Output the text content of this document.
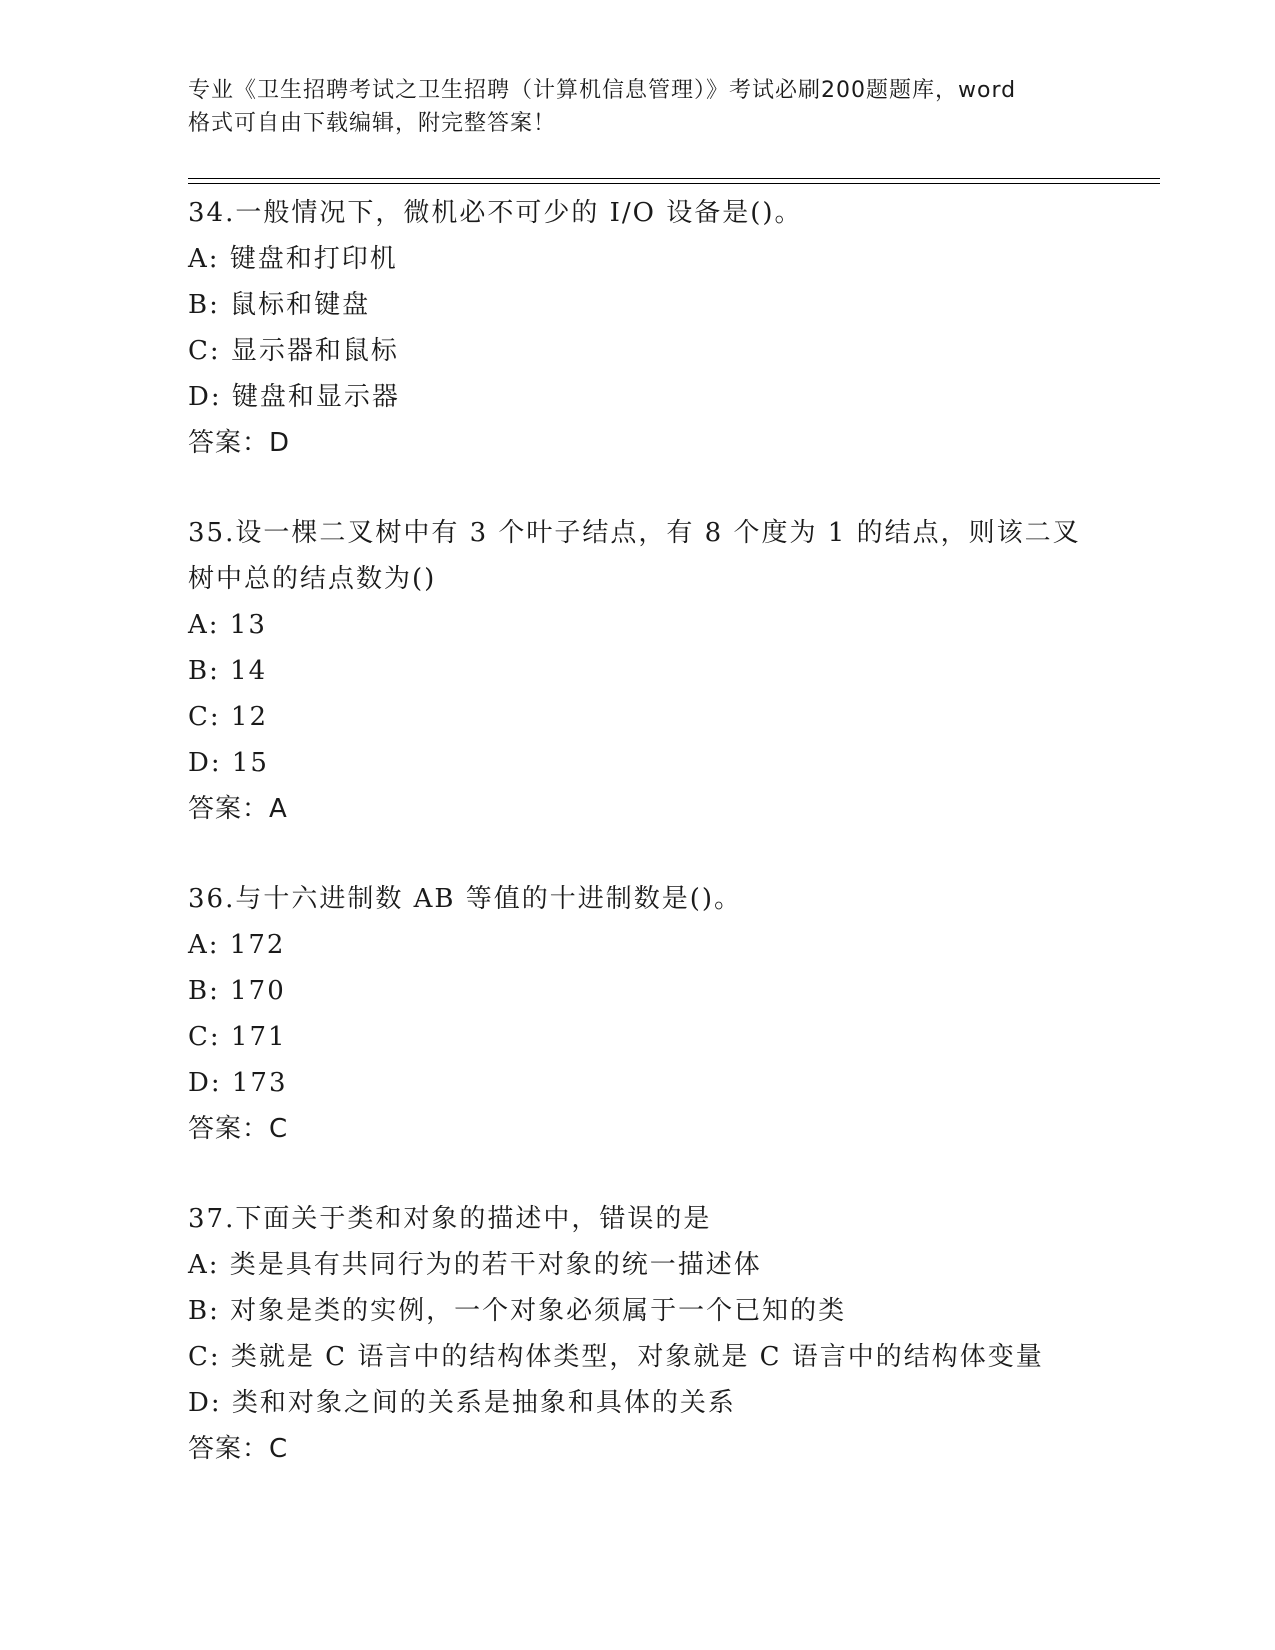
专业《卫生招聘考试之卫生招聘（计算机信息管理）》考试必刷200题题库，word
格式可自由下载编辑，附完整答案！
34.一般情况下，微机必不可少的 I/O 设备是()。
A: 键盘和打印机
B: 鼠标和键盘
C: 显示器和鼠标
D: 键盘和显示器
答案：D
35.设一棵二叉树中有 3 个叶子结点，有 8 个度为 1 的结点，则该二叉
树中总的结点数为()
A: 13
B: 14
C: 12
D: 15
答案：A
36.与十六进制数 AB 等值的十进制数是()。
A: 172
B: 170
C: 171
D: 173
答案：C
37.下面关于类和对象的描述中，错误的是
A: 类是具有共同行为的若干对象的统一描述体
B: 对象是类的实例，一个对象必须属于一个已知的类
C: 类就是 C 语言中的结构体类型，对象就是 C 语言中的结构体变量
D: 类和对象之间的关系是抽象和具体的关系
答案：C
